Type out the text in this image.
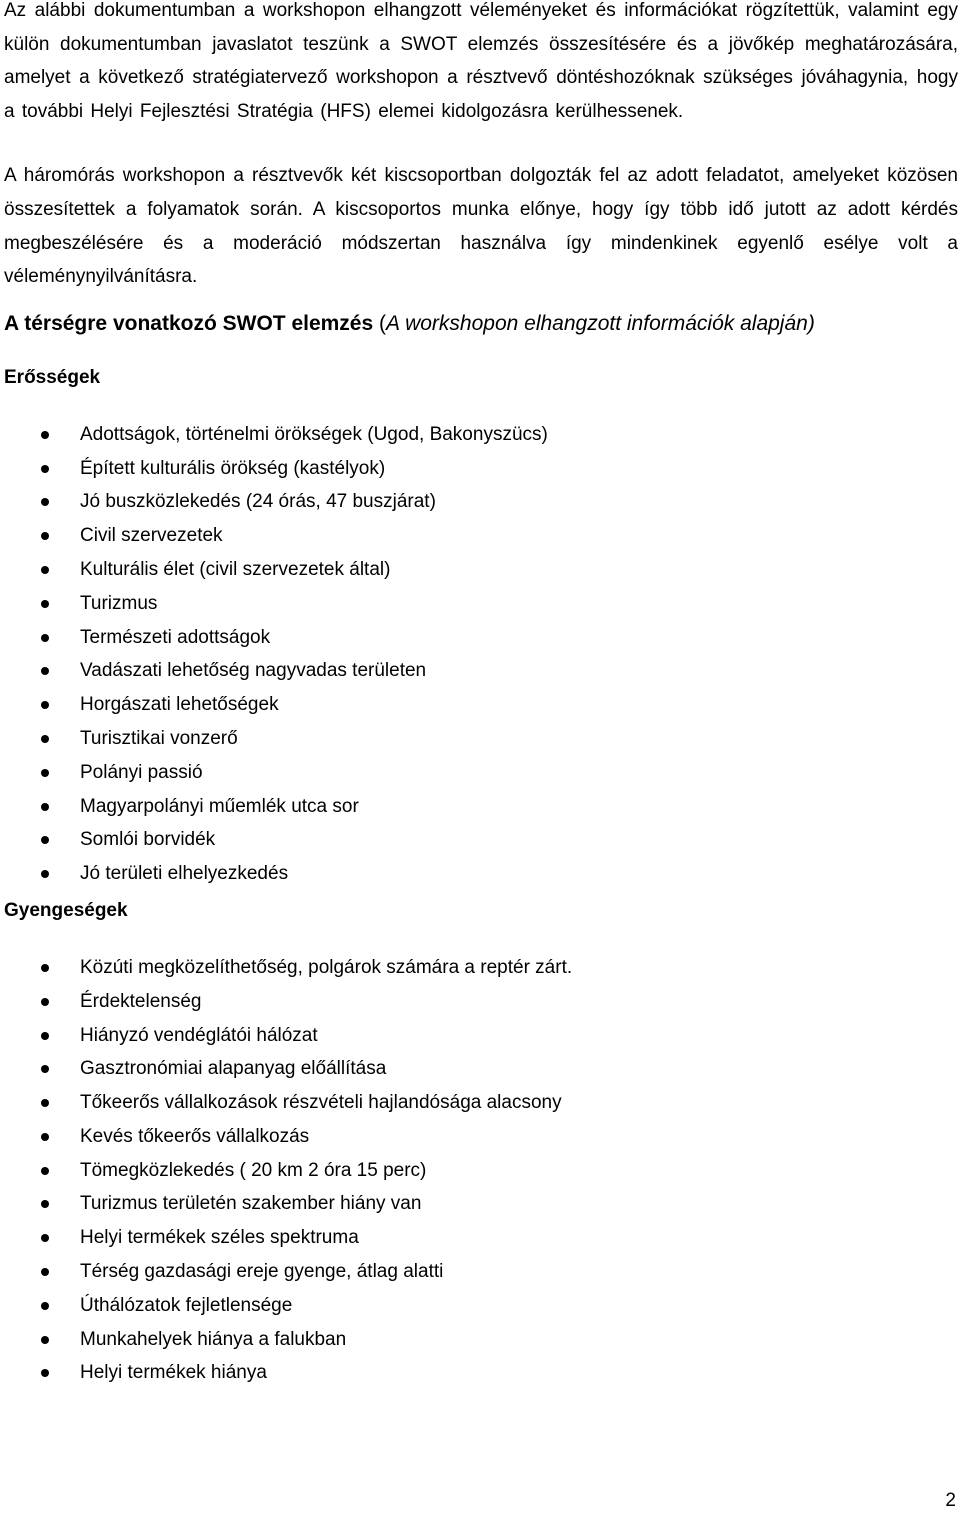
Az alábbi dokumentumban a workshopon elhangzott véleményeket és információkat rögzítettük, valamint egy külön dokumentumban javaslatot teszünk a SWOT elemzés összesítésére és a jövőkép meghatározására, amelyet a következő stratégiatervező workshopon a résztvevő döntéshozóknak szükséges jóváhagynia, hogy a további Helyi Fejlesztési Stratégia (HFS) elemei kidolgozásra kerülhessenek.

A háromórás workshopon a résztvevők két kiscsoportban dolgozták fel az adott feladatot, amelyeket közösen összesítettek a folyamatok során. A kiscsoportos munka előnye, hogy így több idő jutott az adott kérdés megbeszélésére és a moderáció módszertan használva így mindenkinek egyenlő esélye volt a véleménynyilvánításra.

A térségre vonatkozó SWOT elemzés (A workshopon elhangzott információk alapján)
Erősségek
Adottságok, történelmi örökségek (Ugod, Bakonyszücs)
Épített kulturális örökség (kastélyok)
Jó buszközlekedés (24 órás, 47 buszjárat)
Civil szervezetek
Kulturális élet (civil szervezetek által)
Turizmus
Természeti adottságok
Vadászati lehetőség nagyvadas területen
Horgászati lehetőségek
Turisztikai vonzerő
Polányi passió
Magyarpolányi műemlék utca sor
Somlói borvidék
Jó területi elhelyezkedés
Gyengeségek
Közúti megközelíthetőség, polgárok számára a reptér zárt.
Érdektelenség
Hiányzó vendéglátói hálózat
Gasztronómiai alapanyag előállítása
Tőkeerős vállalkozások részvételi hajlandósága alacsony
Kevés tőkeerős vállalkozás
Tömegközlekedés ( 20 km 2 óra 15 perc)
Turizmus területén szakember hiány van
Helyi termékek széles spektruma
Térség gazdasági ereje gyenge, átlag alatti
Úthálózatok fejletlensége
Munkahelyek hiánya a falukban
Helyi termékek hiánya
2
